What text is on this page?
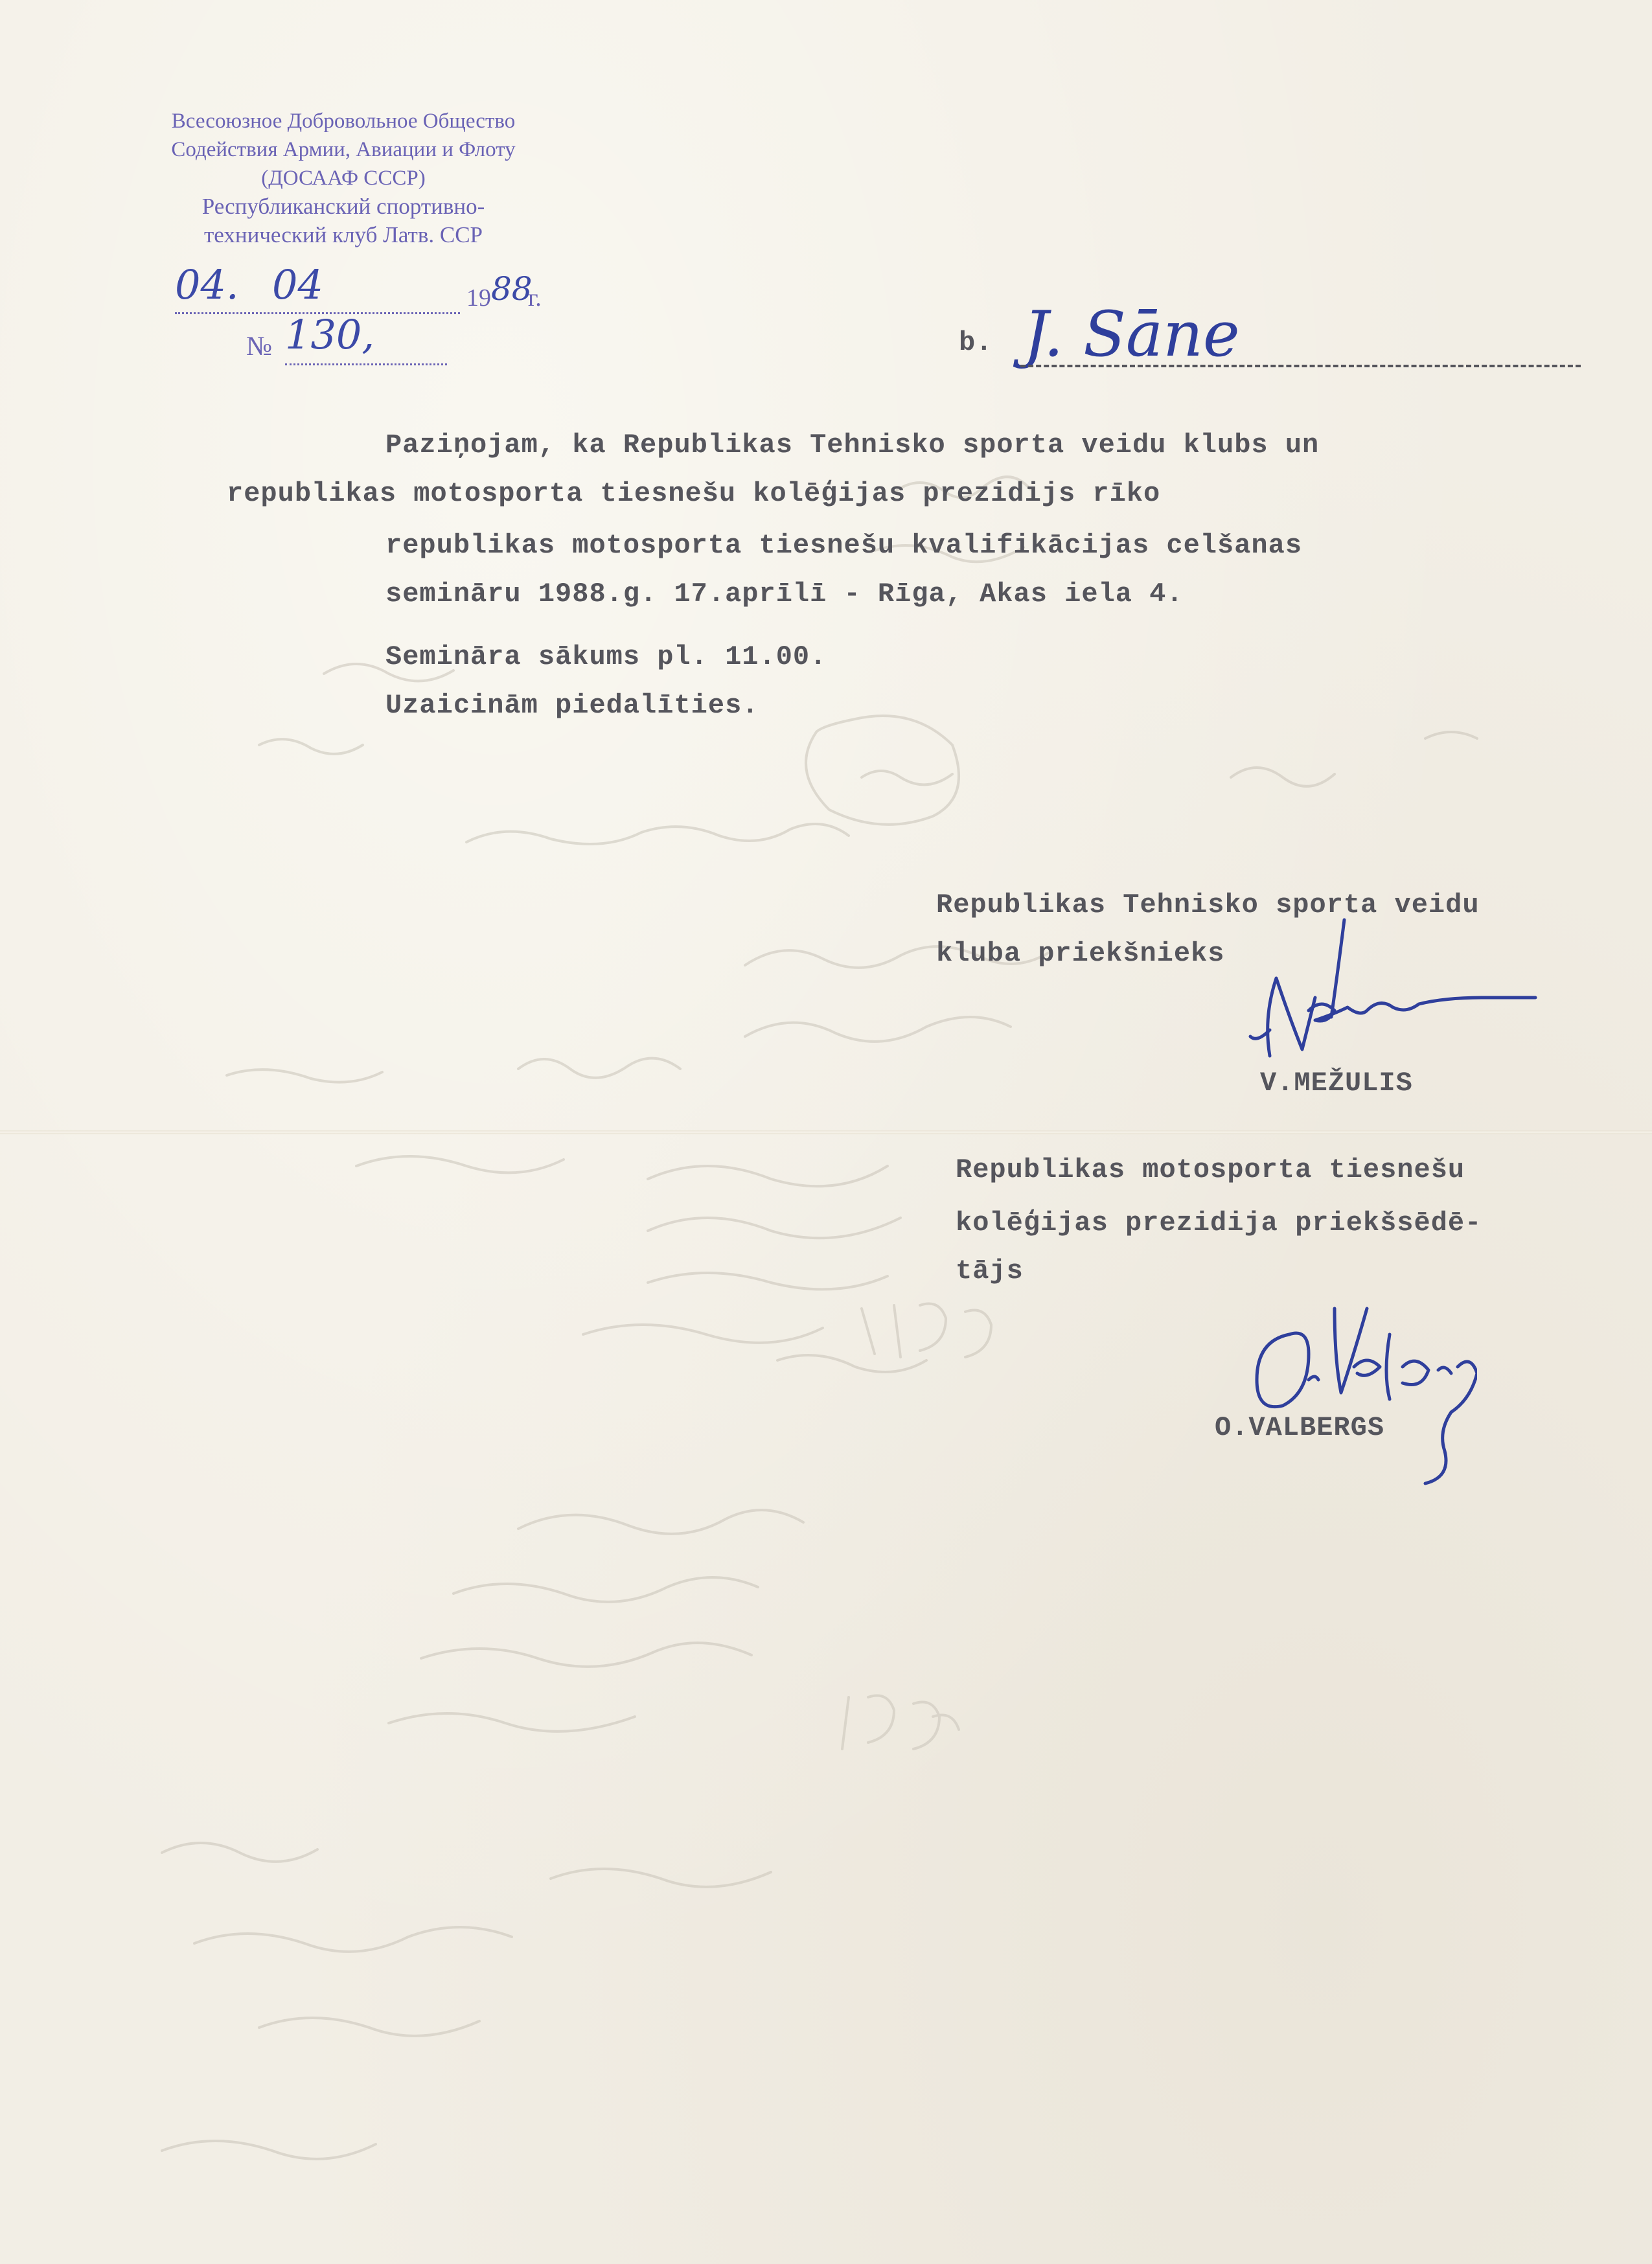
Всесоюзное Добровольное Общество
Содействия Армии, Авиации и Флоту
(ДОСААФ СССР)
Республиканский спортивно-
технический клуб Латв. ССР
04. 04	19 88
г.
№ 130,	b. J. Sāne
Paziņojam, ka Republikas Tehnisko sporta veidu klubs un
republikas motosporta tiesnešu kolēģijas prezidijs rīko
republikas motosporta tiesnešu kvalifikācijas celšanas
semināru 1988.g. 17.aprīlī - Rīga, Akas iela 4.
Semināra sākums pl. 11.00.
Uzaicinām piedalīties.
Republikas Tehnisko sporta veidu
kluba priekšnieks
V.MEŽULIS
Republikas motosporta tiesnešu
kolēģijas prezidija priekšsēdē-
tājs
O.VALBERGS
